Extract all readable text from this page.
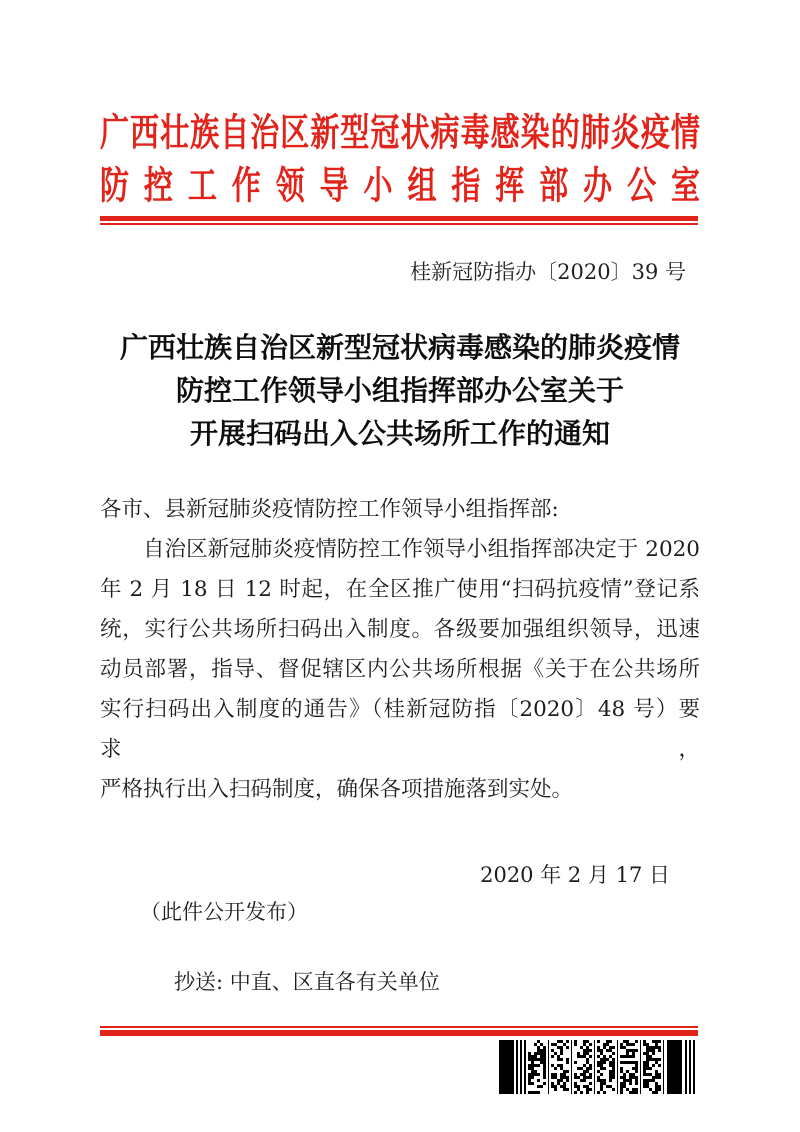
广 西 壮 族 自 治 区 新 型 冠 状 病 毒 感 染 的 肺 炎 疫 情
防 控 工 作 领 导 小 组 指 挥 部 办 公 室
桂新冠防指办〔2020〕39 号
广西壮族自治区新型冠状病毒感染的肺炎疫情
防控工作领导小组指挥部办公室关于
开展扫码出入公共场所工作的通知
各市、县新冠肺炎疫情防控工作领导小组指挥部:
自治区新冠肺炎疫情防控工作领导小组指挥部决定于 2020
年 2 月 18 日 12 时起，在全区推广使用“扫码抗疫情”登记系
统，实行公共场所扫码出入制度。各级要加强组织领导，迅速
动员部署，指导、督促辖区内公共场所根据《关于在公共场所
实行扫码出入制度的通告》（桂新冠防指〔2020〕48 号）要求，
严格执行出入扫码制度，确保各项措施落到实处。
2020 年 2 月 17 日
（此件公开发布）
抄送: 中直、区直各有关单位
